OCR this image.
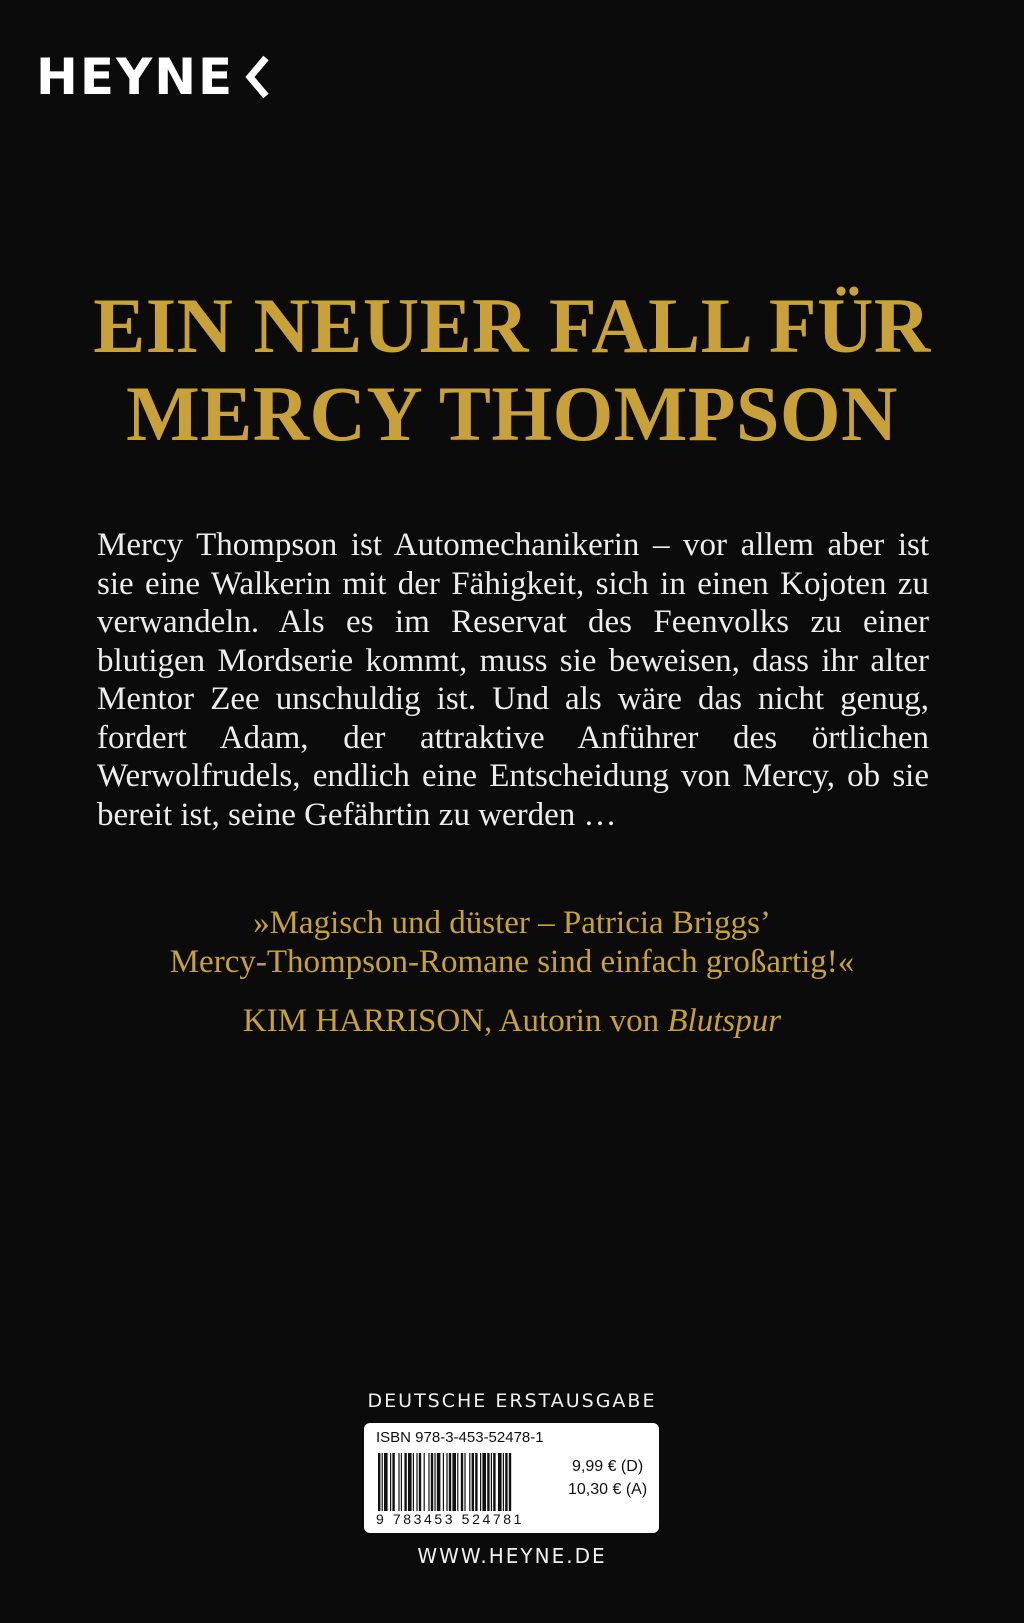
HEYNE
EIN NEUER FALL FÜR
MERCY THOMPSON

Mercy Thompson ist Automechanikerin – vor allem aber ist sie eine Walkerin mit der Fähigkeit, sich in einen Kojoten zu verwandeln. Als es im Reservat des Feenvolks zu einer blutigen Mordserie kommt, muss sie beweisen, dass ihr alter Mentor Zee unschuldig ist. Und als wäre das nicht genug, fordert Adam, der attraktive Anführer des örtlichen Werwolfrudels, endlich eine Entscheidung von Mercy, ob sie bereit ist, seine Gefährtin zu werden …

»Magisch und düster – Patricia Briggs’
Mercy-Thompson-Romane sind einfach großartig!«
KIM HARRISON, Autorin von Blutspur
DEUTSCHE ERSTAUSGABE
ISBN 978-3-453-52478-1
9 783453 524781
9,99 € (D)
10,30 € (A)
WWW.HEYNE.DE
